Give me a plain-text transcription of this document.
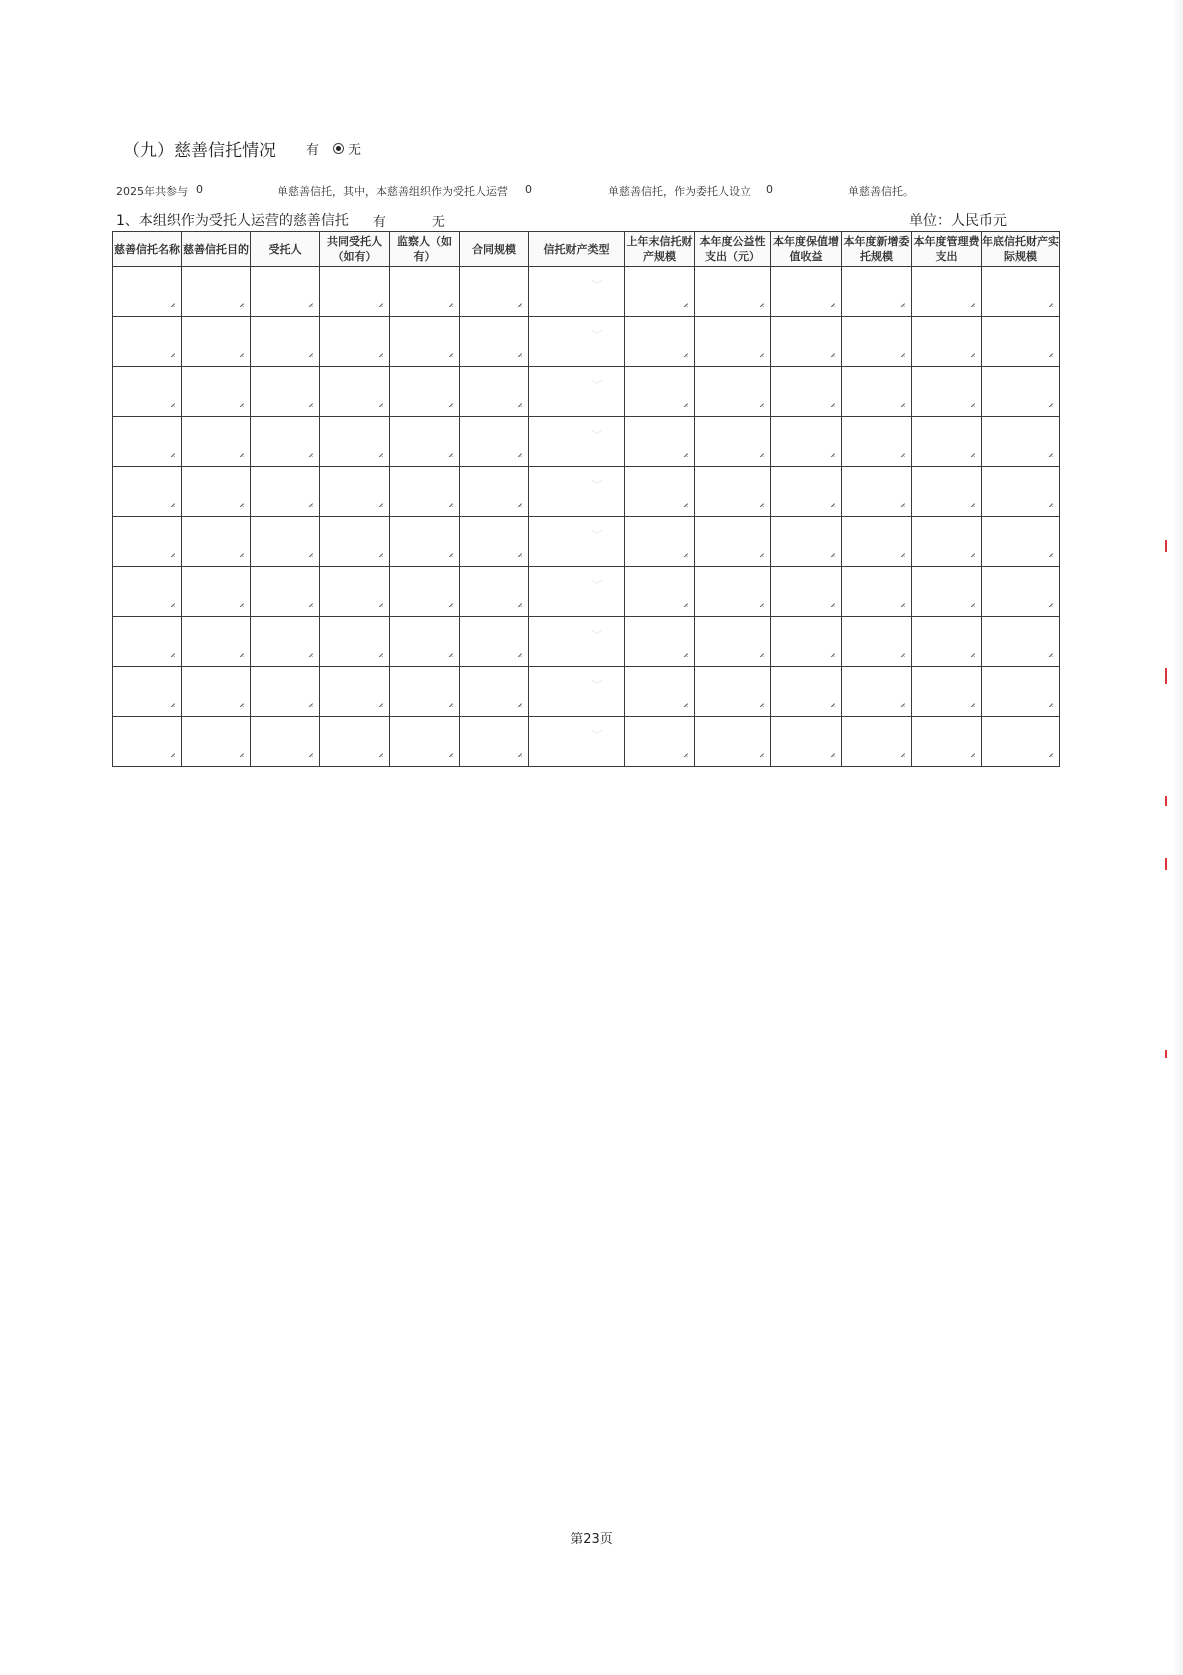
（九）慈善信托情况 有 无
2025年共参与 0	单慈善信托，其中，本慈善组织作为受托人运营 0	单慈善信托，作为委托人设立 0	单慈善信托。
1、本组织作为受托人运营的慈善信托 有	无	单位：人民币元
慈善信托名称	慈善信托目的	受托人	共同受托人（如有）	监察人（如有）	合同规模	信托财产类型	上年末信托财产规模	本年度公益性支出（元）	本年度保值增值收益	本年度新增委托规模	本年度管理费支出	年底信托财产实际规模

						﹀						

						﹀						

						﹀						

						﹀						

						﹀						

						﹀						

						﹀						

						﹀						

						﹀						

						﹀						

第23页
